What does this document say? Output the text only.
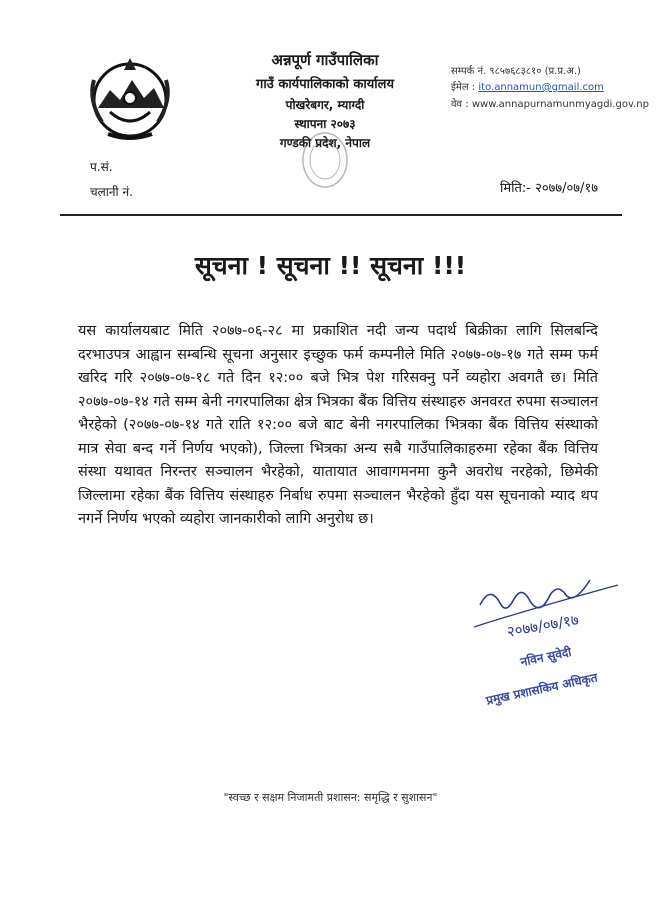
अन्नपूर्ण गाउँपालिका
गाउँ कार्यपालिकाको कार्यालय
पोखरेबगर, म्याग्दी
स्थापना २०७३
गण्डकी प्रदेश, नेपाल
सम्पर्क नं. ९८५७६८३८१० (प्र.प्र.अ.)
ईमेल : ito.annamun@gmail.com
वेव : www.annapurnamunmyagdi.gov.np
प.सं.
चलानी नं.	मिति:- २०७७/०७/१७
सूचना ! सूचना !! सूचना !!!
यस कार्यालयबाट मिति २०७७-०६-२८ मा प्रकाशित नदी जन्य पदार्थ बिक्रीका लागि सिलबन्दि दरभाउपत्र आह्वान सम्बन्धि सूचना अनुसार इच्छुक फर्म कम्पनीले मिति २०७७-०७-१७ गते सम्म फर्म खरिद गरि २०७७-०७-१८ गते दिन १२:०० बजे भित्र पेश गरिसक्नु पर्ने व्यहोरा अवगतै छ। मिति २०७७-०७-१४ गते सम्म बेनी नगरपालिका क्षेत्र भित्रका बैंक वित्तिय संस्थाहरु अनवरत रुपमा सञ्चालन भैरहेको (२०७७-०७-१४ गते राति १२:०० बजे बाट बेनी नगरपालिका भित्रका बैंक वित्तिय संस्थाको मात्र सेवा बन्द गर्ने निर्णय भएको), जिल्ला भित्रका अन्य सबै गाउँपालिकाहरुमा रहेका बैंक वित्तिय संस्था यथावत निरन्तर सञ्चालन भैरहेको, यातायात आवागमनमा कुनै अवरोध नरहेको, छिमेकी जिल्लामा रहेका बैंक वित्तिय संस्थाहरु निर्बाध रुपमा सञ्चालन भैरहेको हुँदा यस सूचनाको म्याद थप नगर्ने निर्णय भएको व्यहोरा जानकारीको लागि अनुरोध छ।
२०७७/०७/१७
नविन सुवेदी
प्रमुख प्रशासकिय अधिकृत
"स्वच्छ र सक्षम निजामती प्रशासन: समृद्धि र सुशासन"
